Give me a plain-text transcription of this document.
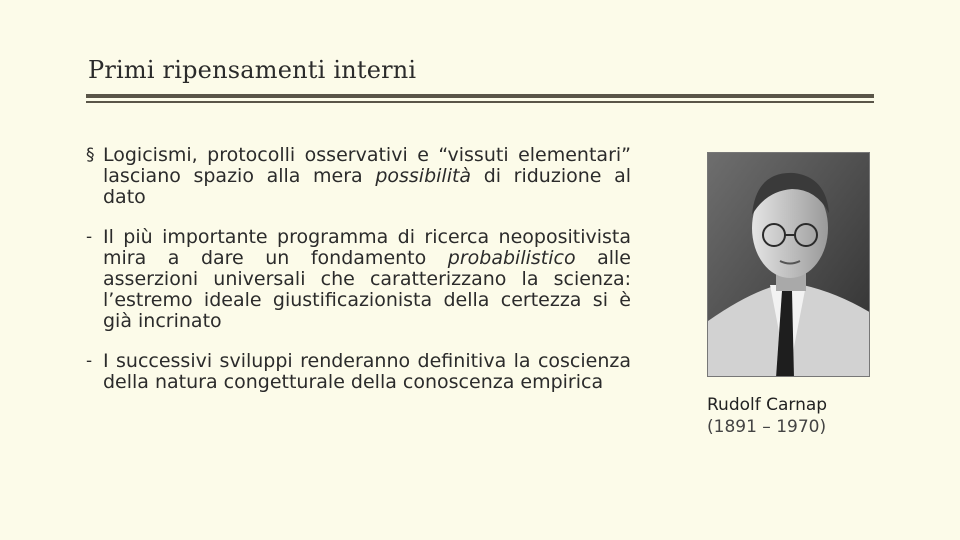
Primi ripensamenti interni
§ Logicismi, protocolli osservativi e “vissuti elementari” lasciano spazio alla mera possibilità di riduzione al dato
- Il più importante programma di ricerca neopositivista mira a dare un fondamento probabilistico alle asserzioni universali che caratterizzano la scienza: l’estremo ideale giustificazionista della certezza si è già incrinato
- I successivi sviluppi renderanno definitiva la coscienza della natura congetturale della conoscenza empirica
Rudolf Carnap
(1891 – 1970)
